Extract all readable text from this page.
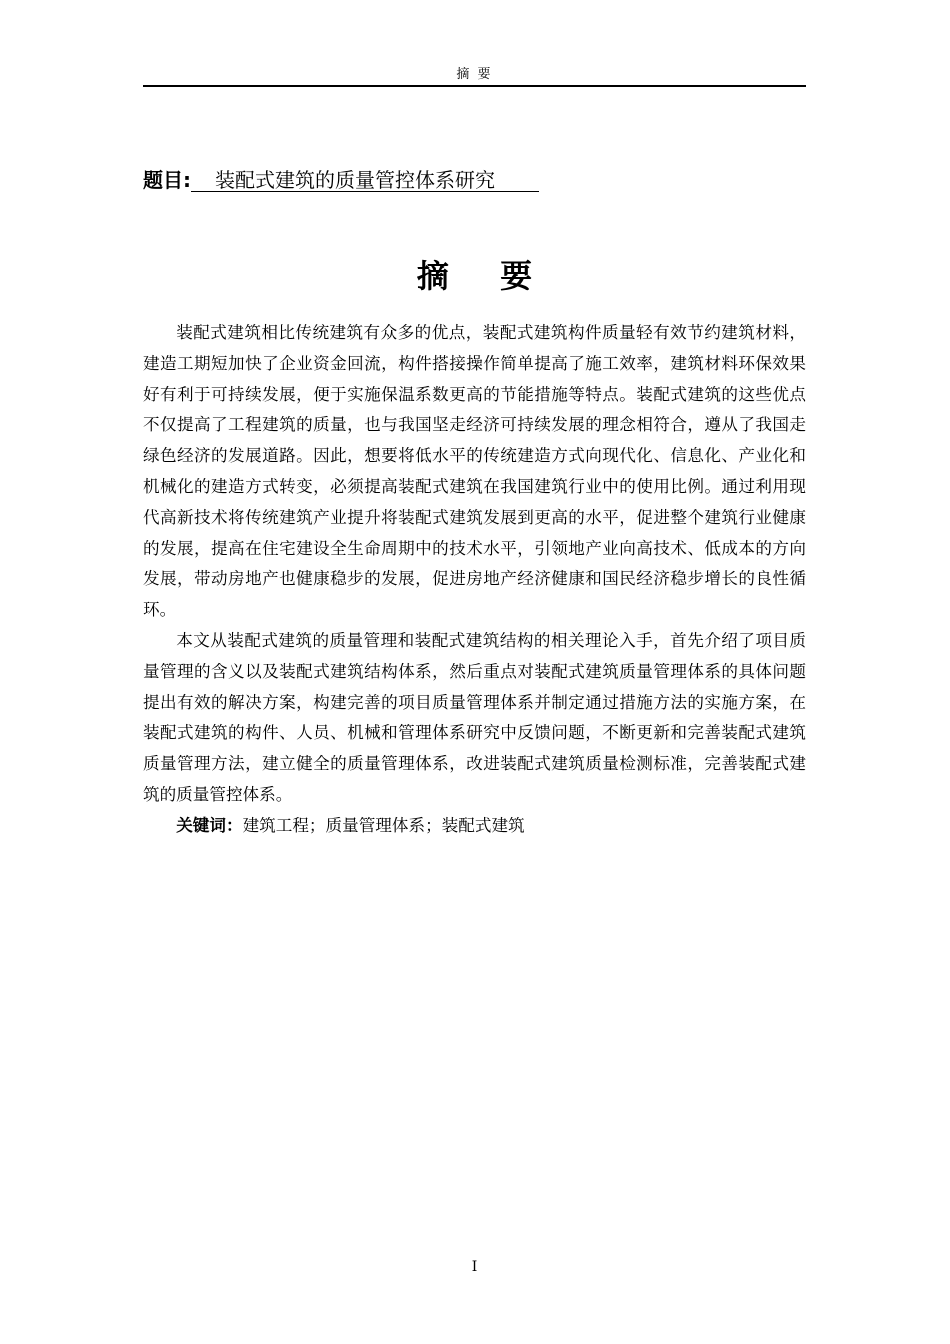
摘 要
题目: 装配式建筑的质量管控体系研究
摘 要

装配式建筑相比传统建筑有众多的优点，装配式建筑构件质量轻有效节约建筑材料，建造工期短加快了企业资金回流，构件搭接操作简单提高了施工效率，建筑材料环保效果好有利于可持续发展，便于实施保温系数更高的节能措施等特点。装配式建筑的这些优点不仅提高了工程建筑的质量，也与我国坚走经济可持续发展的理念相符合，遵从了我国走绿色经济的发展道路。因此，想要将低水平的传统建造方式向现代化、信息化、产业化和机械化的建造方式转变，必须提高装配式建筑在我国建筑行业中的使用比例。通过利用现代高新技术将传统建筑产业提升将装配式建筑发展到更高的水平，促进整个建筑行业健康的发展，提高在住宅建设全生命周期中的技术水平，引领地产业向高技术、低成本的方向发展，带动房地产也健康稳步的发展，促进房地产经济健康和国民经济稳步增长的良性循环。

本文从装配式建筑的质量管理和装配式建筑结构的相关理论入手，首先介绍了项目质量管理的含义以及装配式建筑结构体系，然后重点对装配式建筑质量管理体系的具体问题提出有效的解决方案，构建完善的项目质量管理体系并制定通过措施方法的实施方案，在装配式建筑的构件、人员、机械和管理体系研究中反馈问题，不断更新和完善装配式建筑质量管理方法，建立健全的质量管理体系，改进装配式建筑质量检测标准，完善装配式建筑的质量管控体系。

关键词：建筑工程；质量管理体系；装配式建筑

I
